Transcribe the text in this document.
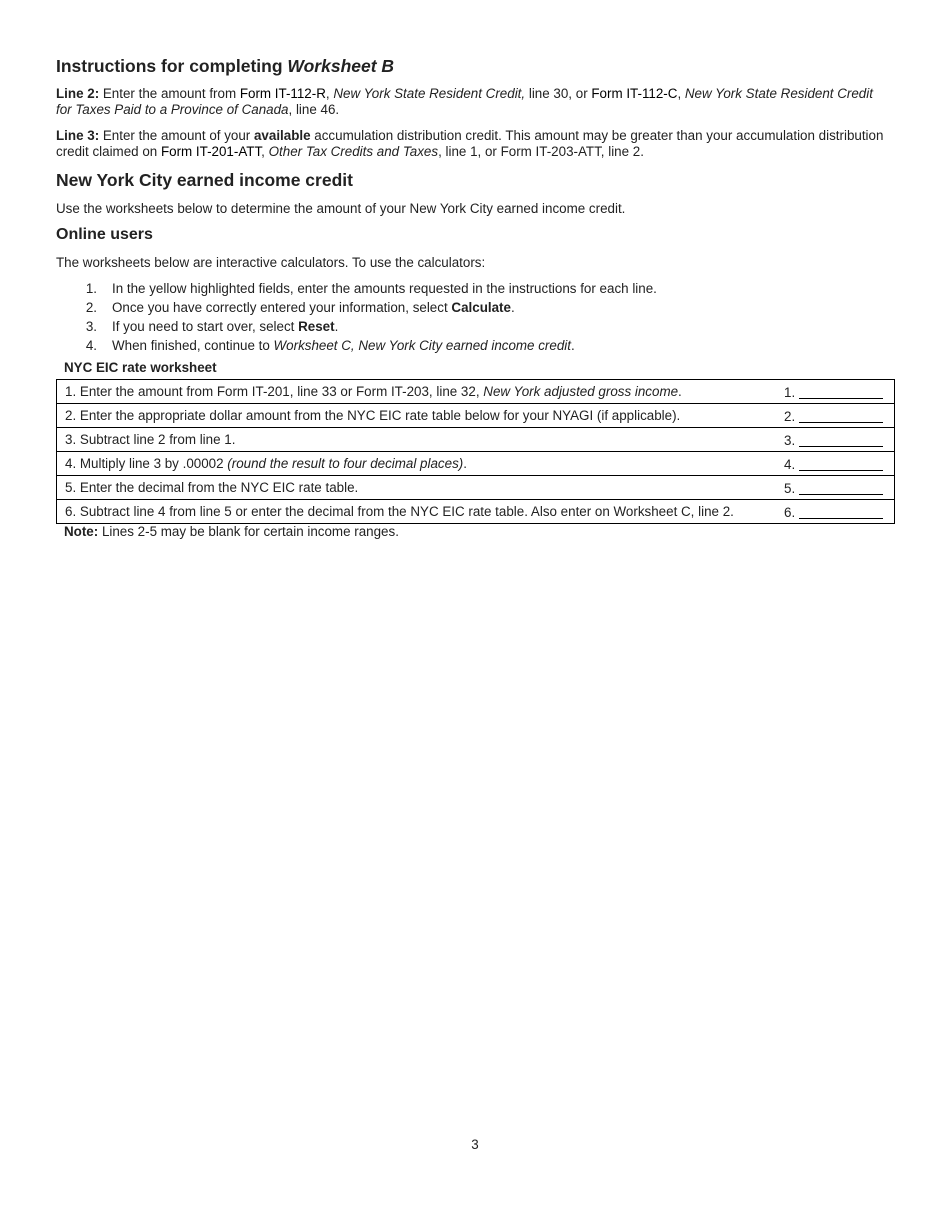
Instructions for completing Worksheet B

Line 2: Enter the amount from Form IT-112-R, New York State Resident Credit, line 30, or Form IT-112-C, New York State Resident Credit for Taxes Paid to a Province of Canada, line 46.

Line 3: Enter the amount of your available accumulation distribution credit. This amount may be greater than your accumulation distribution credit claimed on Form IT-201-ATT, Other Tax Credits and Taxes, line 1, or Form IT-203-ATT, line 2.

New York City earned income credit

Use the worksheets below to determine the amount of your New York City earned income credit.

Online users

The worksheets below are interactive calculators. To use the calculators:

1.	In the yellow highlighted fields, enter the amounts requested in the instructions for each line.
2.	Once you have correctly entered your information, select Calculate.
3.	If you need to start over, select Reset.
4.	When finished, continue to Worksheet C, New York City earned income credit.
NYC EIC rate worksheet
1. Enter the amount from Form IT-201, line 33 or Form IT-203, line 32, New York adjusted gross income.	1.
2. Enter the appropriate dollar amount from the NYC EIC rate table below for your NYAGI (if applicable).	2.
3. Subtract line 2 from line 1.	3.
4. Multiply line 3 by .00002 (round the result to four decimal places).	4.
5. Enter the decimal from the NYC EIC rate table.	5.
6. Subtract line 4 from line 5 or enter the decimal from the NYC EIC rate table. Also enter on Worksheet C, line 2.	6.
Note: Lines 2-5 may be blank for certain income ranges.
3
